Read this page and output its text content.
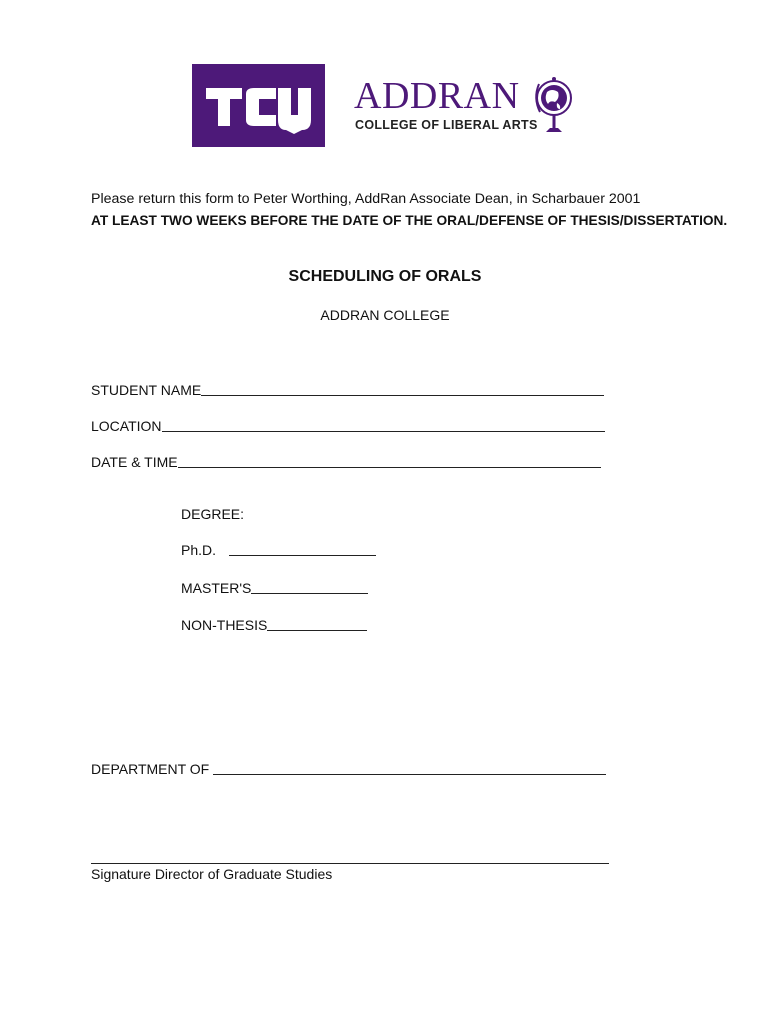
ADDRAN
COLLEGE OF LIBERAL ARTS
Please return this form to Peter Worthing, AddRan Associate Dean, in Scharbauer 2001
AT LEAST TWO WEEKS BEFORE THE DATE OF THE ORAL/DEFENSE OF THESIS/DISSERTATION.
SCHEDULING OF ORALS
ADDRAN COLLEGE
STUDENT NAME
LOCATION
DATE & TIME
DEGREE:
Ph.D.
MASTER'S
NON-THESIS
DEPARTMENT OF
Signature Director of Graduate Studies
